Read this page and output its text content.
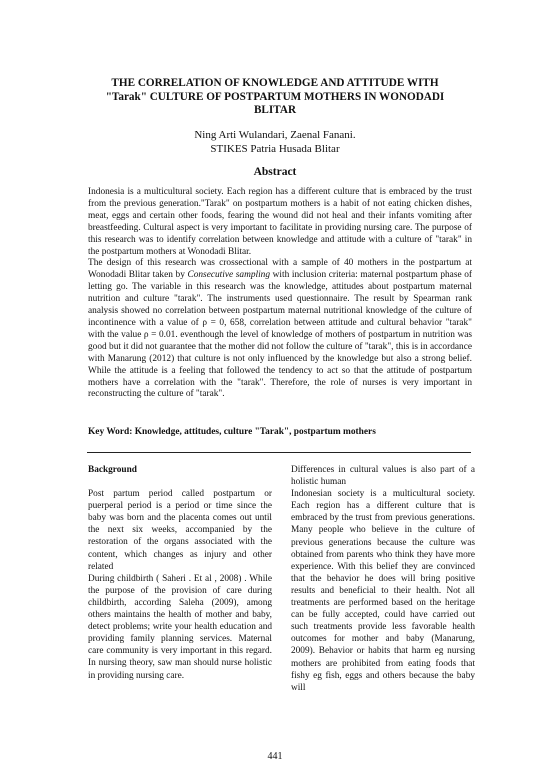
THE CORRELATION OF KNOWLEDGE AND ATTITUDE WITH
"Tarak" CULTURE OF POSTPARTUM MOTHERS IN WONODADI
BLITAR
Ning Arti Wulandari, Zaenal Fanani.
STIKES Patria Husada Blitar
Abstract

Indonesia is a multicultural society. Each region has a different culture that is embraced by the trust from the previous generation."Tarak" on postpartum mothers is a habit of not eating chicken dishes, meat, eggs and certain other foods, fearing the wound did not heal and their infants vomiting after breastfeeding. Cultural aspect is very important to facilitate in providing nursing care. The purpose of this research was to identify correlation between knowledge and attitude with a culture of "tarak" in the postpartum mothers at Wonodadi Blitar.

The design of this research was crossectional with a sample of 40 mothers in the postpartum at Wonodadi Blitar taken by Consecutive sampling with inclusion criteria: maternal postpartum phase of letting go. The variable in this research was the knowledge, attitudes about postpartum maternal nutrition and culture "tarak". The instruments used questionnaire. The result by Spearman rank analysis showed no correlation between postpartum maternal nutritional knowledge of the culture of incontinence with a value of ρ = 0, 658, correlation between attitude and cultural behavior "tarak" with the value ρ = 0.01. eventhough the level of knowledge of mothers of postpartum in nutrition was good but it did not guarantee that the mother did not follow the culture of "tarak", this is in accordance with Manarung (2012) that culture is not only influenced by the knowledge but also a strong belief. While the attitude is a feeling that followed the tendency to act so that the attitude of postpartum mothers have a correlation with the "tarak". Therefore, the role of nurses is very important in reconstructing the culture of "tarak".

Key Word: Knowledge, attitudes, culture "Tarak", postpartum mothers

Background

Post partum period called postpartum or puerperal period is a period or time since the baby was born and the placenta comes out until the next six weeks, accompanied by the restoration of the organs associated with the content, which changes as injury and other related

During childbirth ( Saheri . Et al , 2008) . While the purpose of the provision of care during childbirth, according Saleha (2009), among others maintains the health of mother and baby, detect problems; write your health education and providing family planning services. Maternal care community is very important in this regard. In nursing theory, saw man should nurse holistic in providing nursing care.

Differences in cultural values is also part of a holistic human

Indonesian society is a multicultural society. Each region has a different culture that is embraced by the trust from previous generations. Many people who believe in the culture of previous generations because the culture was obtained from parents who think they have more experience. With this belief they are convinced that the behavior he does will bring positive results and beneficial to their health. Not all treatments are performed based on the heritage can be fully accepted, could have carried out such treatments provide less favorable health outcomes for mother and baby (Manarung, 2009). Behavior or habits that harm eg nursing mothers are prohibited from eating foods that fishy eg fish, eggs and others because the baby will

441
